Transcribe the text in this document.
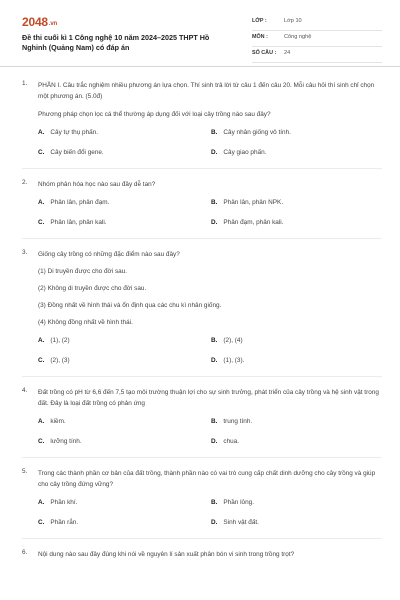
2048.vn
Đề thi cuối kì 1 Công nghệ 10 năm 2024–2025 THPT Hồ Nghinh (Quảng Nam) có đáp án
LỚP :	Lớp 10
MÔN :	Công nghệ
SỐ CÂU : 24
1. PHẦN I. Câu trắc nghiệm nhiều phương án lựa chọn. Thí sinh trả lời từ câu 1 đến câu 20. Mỗi câu hỏi thí sinh chỉ chọn một phương án. (5.0đ)
Phương pháp chọn lọc cá thể thường áp dụng đối với loại cây trồng nào sau đây?
A. Cây tự thụ phấn.	B. Cây nhân giống vô tính.
C. Cây biến đổi gene.	D. Cây giao phấn.
2. Nhóm phân hóa học nào sau đây dễ tan?
A. Phân lân, phân đạm.	B. Phân lân, phân NPK.
C. Phân lân, phân kali.	D. Phân đạm, phân kali.
3. Giống cây trồng có những đặc điểm nào sau đây?
(1) Di truyền được cho đời sau.
(2) Không di truyền được cho đời sau.
(3) Đồng nhất về hình thái và ổn định qua các chu kì nhân giống.
(4) Không đồng nhất về hình thái.
A. (1), (2)	B. (2), (4)
C. (2), (3)	D. (1), (3).
4. Đất trồng có pH từ 6,6 đến 7,5 tạo môi trường thuận lợi cho sự sinh trưởng, phát triển của cây trồng và hệ sinh vật trong đất. Đây là loại đất trồng có phản ứng
A. kiềm.	B. trung tính.
C. lưỡng tính.	D. chua.
5. Trong các thành phần cơ bản của đất trồng, thành phần nào có vai trò cung cấp chất dinh dưỡng cho cây trồng và giúp cho cây trồng đứng vững?
A. Phần khí.	B. Phần lỏng.
C. Phần rắn.	D. Sinh vật đất.
6. Nội dung nào sau đây đúng khi nói về nguyên lí sản xuất phân bón vi sinh trong trồng trọt?
